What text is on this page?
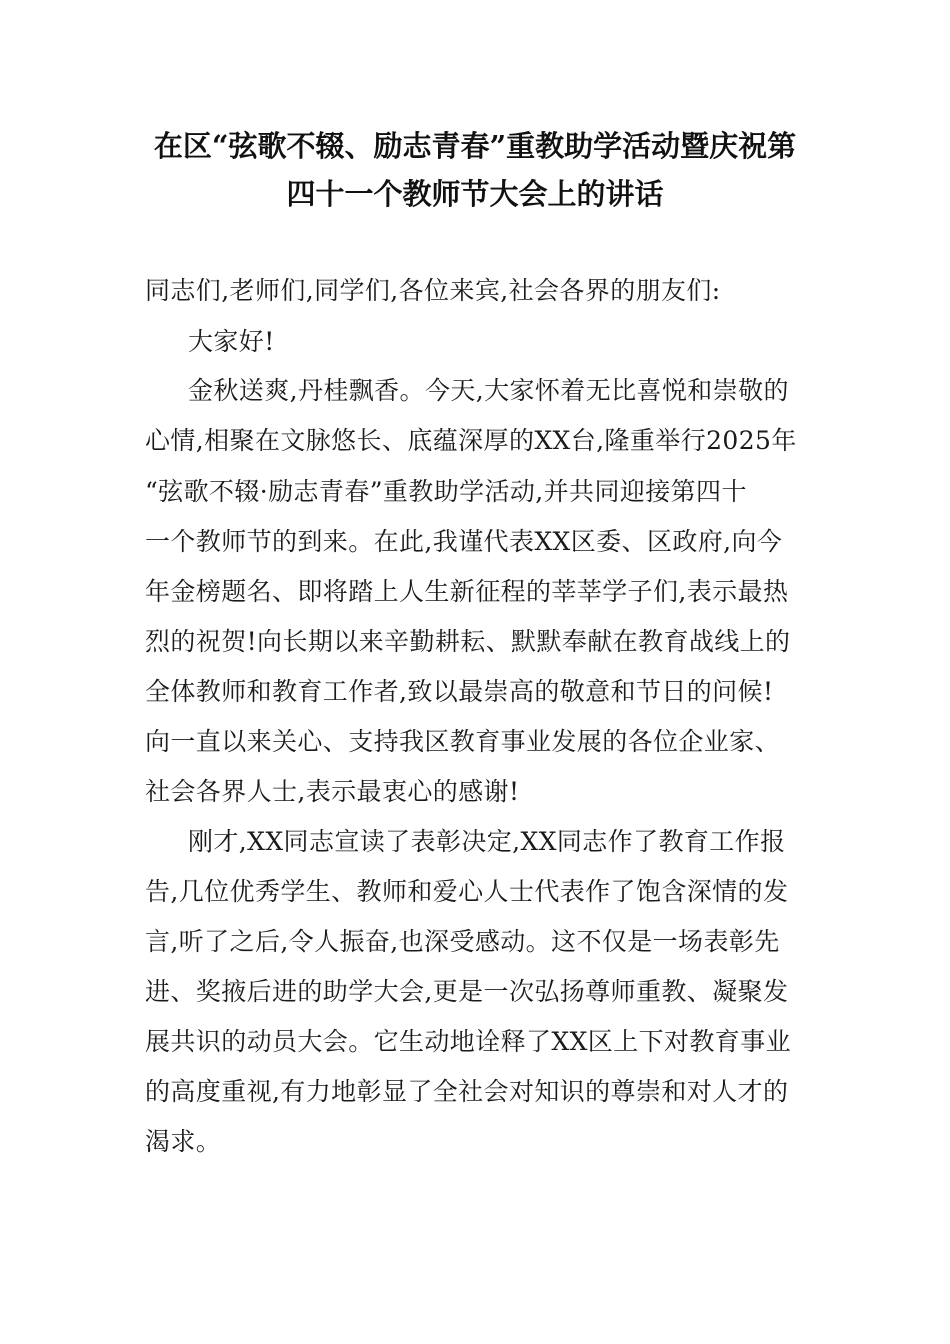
在区“弦歌不辍、励志青春”重教助学活动暨庆祝第
四十一个教师节大会上的讲话
同志们,老师们,同学们,各位来宾,社会各界的朋友们:
大家好!
金秋送爽,丹桂飘香。今天,大家怀着无比喜悦和崇敬的
心情,相聚在文脉悠长、底蕴深厚的XX台,隆重举行2025年
“弦歌不辍·励志青春”重教助学活动,并共同迎接第四十
一个教师节的到来。在此,我谨代表XX区委、区政府,向今
年金榜题名、即将踏上人生新征程的莘莘学子们,表示最热
烈的祝贺!向长期以来辛勤耕耘、默默奉献在教育战线上的
全体教师和教育工作者,致以最崇高的敬意和节日的问候!
向一直以来关心、支持我区教育事业发展的各位企业家、
社会各界人士,表示最衷心的感谢!
刚才,XX同志宣读了表彰决定,XX同志作了教育工作报
告,几位优秀学生、教师和爱心人士代表作了饱含深情的发
言,听了之后,令人振奋,也深受感动。这不仅是一场表彰先
进、奖掖后进的助学大会,更是一次弘扬尊师重教、凝聚发
展共识的动员大会。它生动地诠释了XX区上下对教育事业
的高度重视,有力地彰显了全社会对知识的尊崇和对人才的
渴求。
